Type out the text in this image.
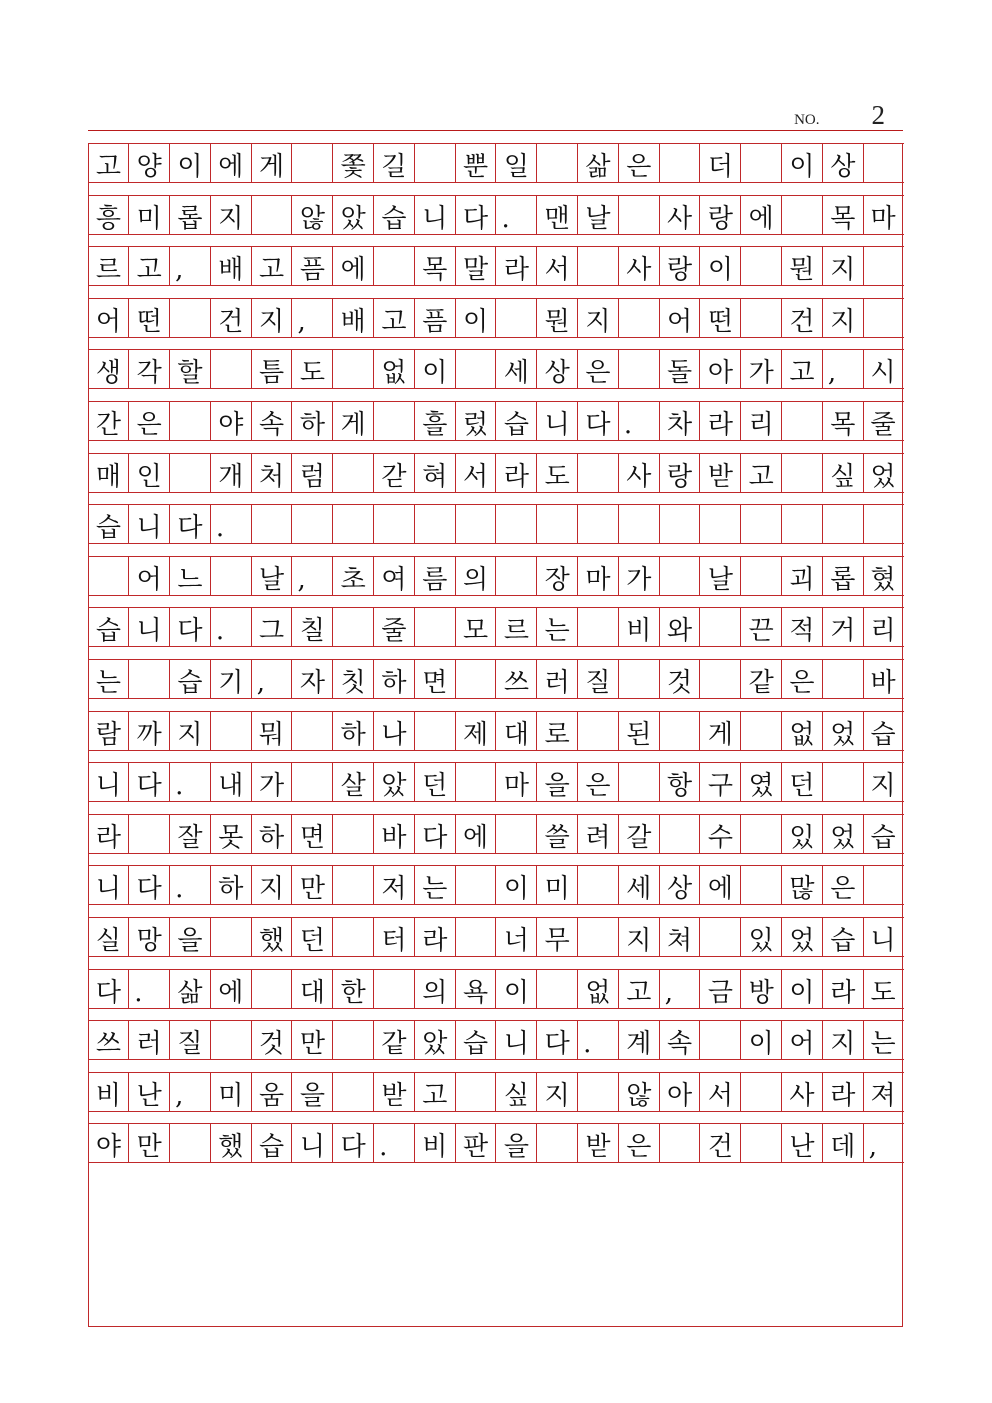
NO. 2
고 양 이 에 게	쫓 길	뿐 일	삶 은	더	이 상
흥 미 롭 지	않 았 습 니 다 .	맨 날	사 랑 에	목 마
르 고 ,	배 고 픔 에	목 말 라 서	사 랑 이	뭔 지
어 떤	건 지 ,	배 고 픔 이	뭔 지	어 떤	건 지
생 각 할	틈 도	없 이	세 상 은	돌 아 가 고 ,	시
간 은	야 속 하 게	흘 렀 습 니 다 .	차 라 리	목 줄
매 인	개 처 럼	갇 혀 서 라 도	사 랑 받 고	싶 었
습 니 다 .
어 느	날 ,	초 여 름 의	장 마 가	날	괴 롭 혔
습 니 다 .	그 칠	줄	모 르 는	비 와	끈 적 거 리
는	습 기 ,	자 칫 하 면	쓰 러 질	것	같 은	바
람 까 지	뭐	하 나	제 대 로	된	게	없 었 습
니 다 .	내 가	살 았 던	마 을 은	항 구 였 던	지
라	잘 못 하 면	바 다 에	쓸 려 갈	수	있 었 습
니 다 .	하 지 만	저 는	이 미	세 상 에	많 은
실 망 을	했 던	터 라	너 무	지 쳐	있 었 습 니
다 .	삶 에	대 한	의 욕 이	없 고 ,	금 방 이 라 도
쓰 러 질	것 만	같 았 습 니 다 .	계 속	이 어 지 는
비 난 ,	미 움 을	받 고	싶 지	않 아 서	사 라 져
야 만	했 습 니 다 .	비 판 을	받 은	건	난 데 ,
